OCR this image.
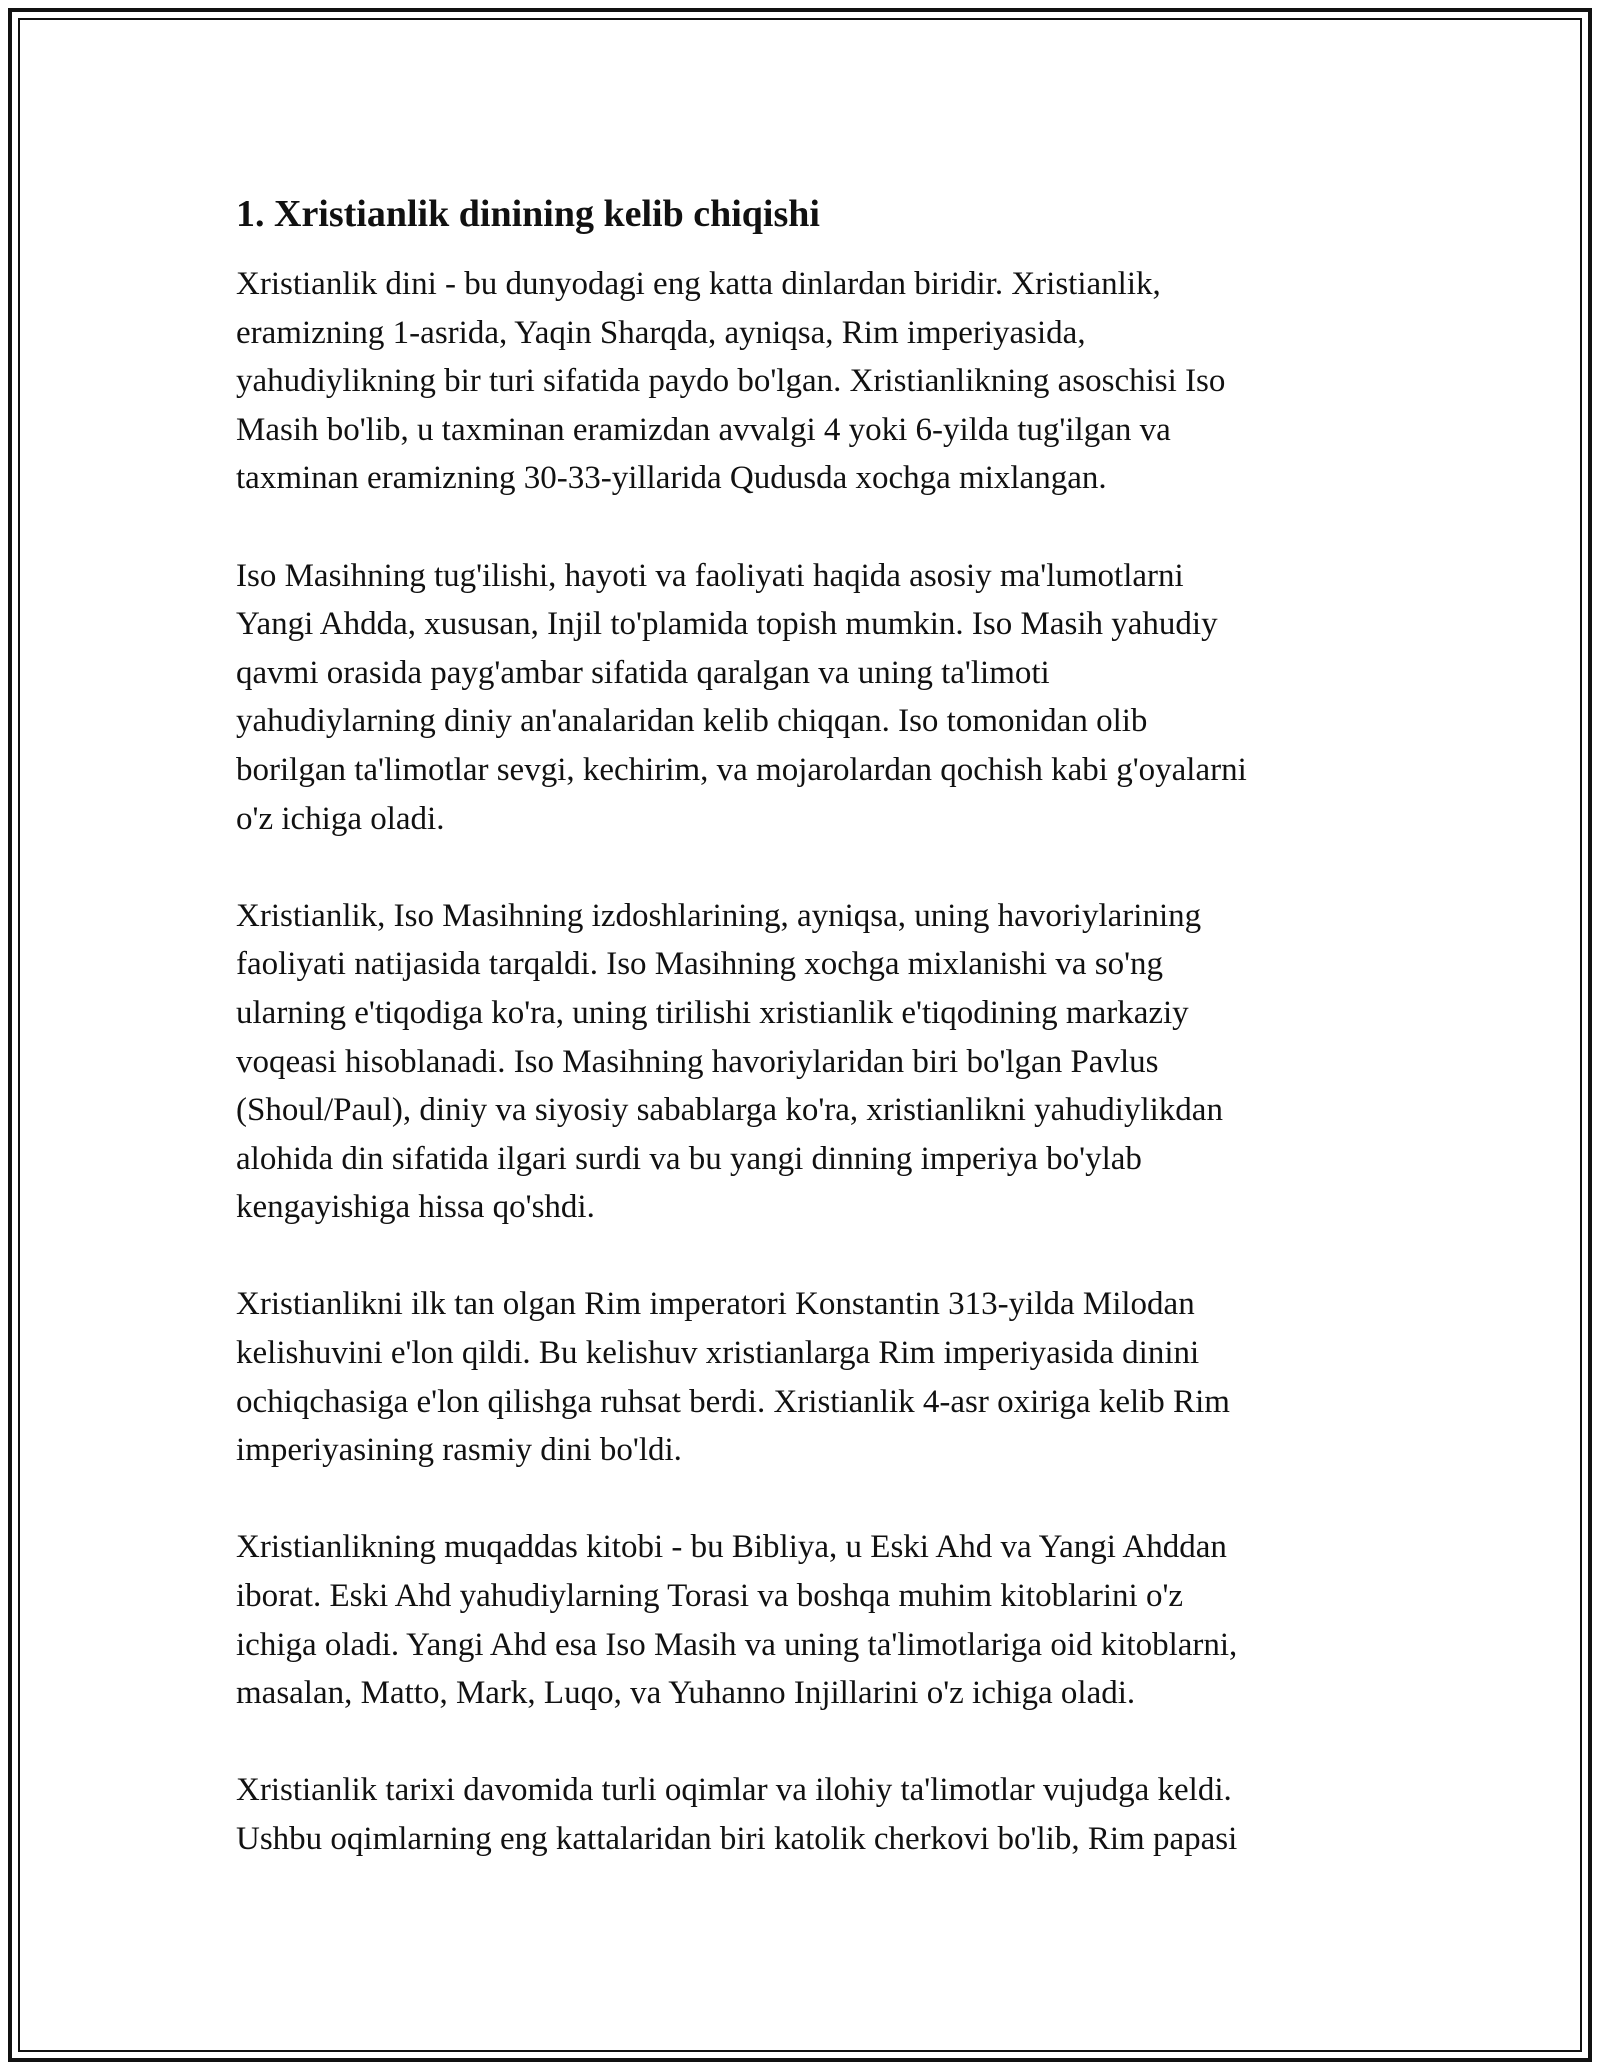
1. Xristianlik dinining kelib chiqishi

Xristianlik dini - bu dunyodagi eng katta dinlardan biridir. Xristianlik,
eramizning 1-asrida, Yaqin Sharqda, ayniqsa, Rim imperiyasida,
yahudiylikning bir turi sifatida paydo bo'lgan. Xristianlikning asoschisi Iso
Masih bo'lib, u taxminan eramizdan avvalgi 4 yoki 6-yilda tug'ilgan va
taxminan eramizning 30-33-yillarida Qudusda xochga mixlangan.

Iso Masihning tug'ilishi, hayoti va faoliyati haqida asosiy ma'lumotlarni
Yangi Ahdda, xususan, Injil to'plamida topish mumkin. Iso Masih yahudiy
qavmi orasida payg'ambar sifatida qaralgan va uning ta'limoti
yahudiylarning diniy an'analaridan kelib chiqqan. Iso tomonidan olib
borilgan ta'limotlar sevgi, kechirim, va mojarolardan qochish kabi g'oyalarni
o'z ichiga oladi.

Xristianlik, Iso Masihning izdoshlarining, ayniqsa, uning havoriylarining
faoliyati natijasida tarqaldi. Iso Masihning xochga mixlanishi va so'ng
ularning e'tiqodiga ko'ra, uning tirilishi xristianlik e'tiqodining markaziy
voqeasi hisoblanadi. Iso Masihning havoriylaridan biri bo'lgan Pavlus
(Shoul/Paul), diniy va siyosiy sabablarga ko'ra, xristianlikni yahudiylikdan
alohida din sifatida ilgari surdi va bu yangi dinning imperiya bo'ylab
kengayishiga hissa qo'shdi.

Xristianlikni ilk tan olgan Rim imperatori Konstantin 313-yilda Milodan
kelishuvini e'lon qildi. Bu kelishuv xristianlarga Rim imperiyasida dinini
ochiqchasiga e'lon qilishga ruhsat berdi. Xristianlik 4-asr oxiriga kelib Rim
imperiyasining rasmiy dini bo'ldi.

Xristianlikning muqaddas kitobi - bu Bibliya, u Eski Ahd va Yangi Ahddan
iborat. Eski Ahd yahudiylarning Torasi va boshqa muhim kitoblarini o'z
ichiga oladi. Yangi Ahd esa Iso Masih va uning ta'limotlariga oid kitoblarni,
masalan, Matto, Mark, Luqo, va Yuhanno Injillarini o'z ichiga oladi.

Xristianlik tarixi davomida turli oqimlar va ilohiy ta'limotlar vujudga keldi.
Ushbu oqimlarning eng kattalaridan biri katolik cherkovi bo'lib, Rim papasi
